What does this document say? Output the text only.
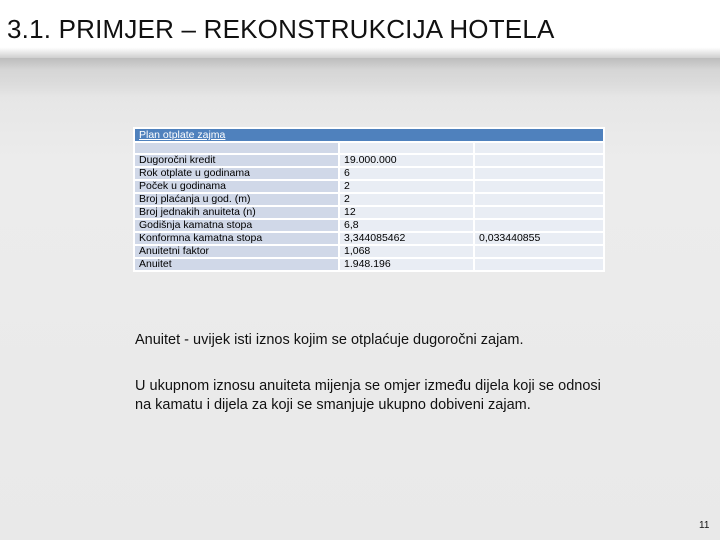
3.1. PRIMJER – REKONSTRUKCIJA HOTELA
Plan otplate zajma		

Dugoročni kredit	19.000.000	
Rok otplate u godinama	6	
Poček u godinama	2	
Broj plaćanja u god. (m)	2	
Broj jednakih anuiteta (n)	12	
Godišnja kamatna stopa	6,8	
Konformna kamatna stopa	3,344085462	0,033440855
Anuitetni faktor	1,068	
Anuitet	1.948.196	

Anuitet - uvijek isti iznos kojim se otplaćuje dugoročni zajam.

U ukupnom iznosu anuiteta mijenja se omjer između dijela koji se odnosi na kamatu i dijela za koji se smanjuje ukupno dobiveni zajam.

11
